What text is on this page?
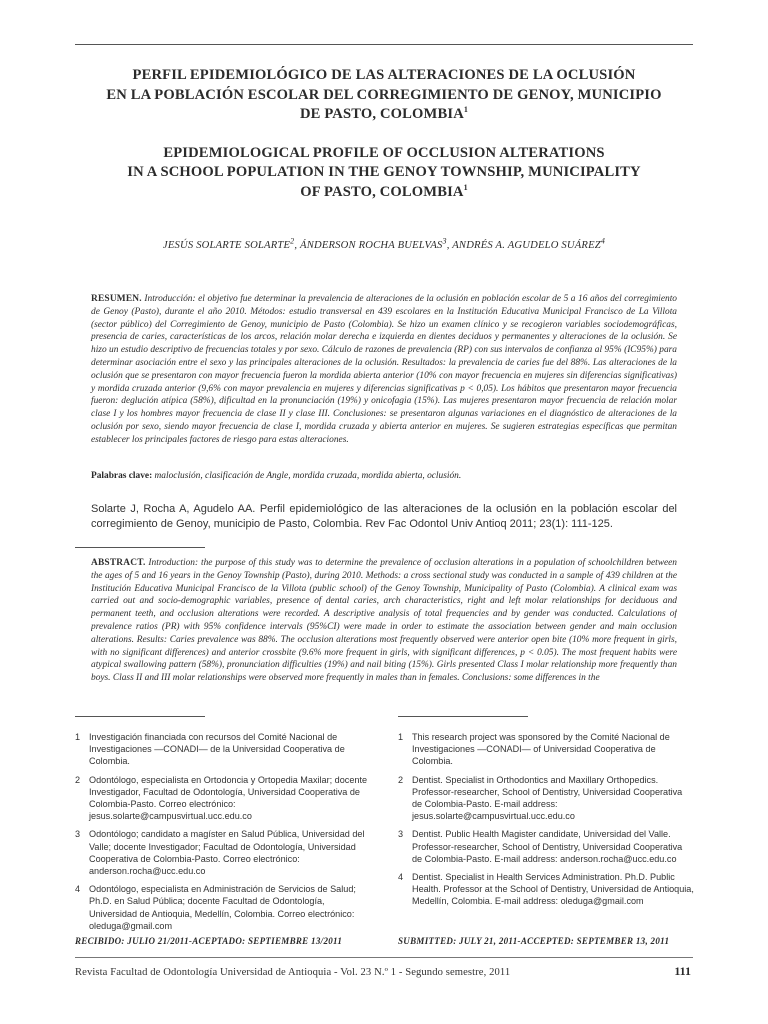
PERFIL EPIDEMIOLÓGICO DE LAS ALTERACIONES DE LA OCLUSIÓN
EN LA POBLACIÓN ESCOLAR DEL CORREGIMIENTO DE GENOY, MUNICIPIO
DE PASTO, COLOMBIA$^1$
EPIDEMIOLOGICAL PROFILE OF OCCLUSION ALTERATIONS
IN A SCHOOL POPULATION IN THE GENOY TOWNSHIP, MUNICIPALITY
OF PASTO, COLOMBIA$^1$
JESÚS SOLARTE SOLARTE$^2$, ÁNDERSON ROCHA BUELVAS$^3$, ANDRÉS A. AGUDELO SUÁREZ$^4$
RESUMEN. Introducción: el objetivo fue determinar la prevalencia de alteraciones de la oclusión en población escolar de 5 a 16 años del corregimiento de Genoy (Pasto), durante el año 2010. Métodos: estudio transversal en 439 escolares en la Institución Educativa Municipal Francisco de La Villota (sector público) del Corregimiento de Genoy, municipio de Pasto (Colombia). Se hizo un examen clínico y se recogieron variables sociodemográficas, presencia de caries, características de los arcos, relación molar derecha e izquierda en dientes deciduos y permanentes y alteraciones de la oclusión. Se hizo un estudio descriptivo de frecuencias totales y por sexo. Cálculo de razones de prevalencia (RP) con sus intervalos de confianza al 95% (IC95%) para determinar asociación entre el sexo y las principales alteraciones de la oclusión. Resultados: la prevalencia de caries fue del 88%. Las alteraciones de la oclusión que se presentaron con mayor frecuencia fueron la mordida abierta anterior (10% con mayor frecuencia en mujeres sin diferencias significativas) y mordida cruzada anterior (9,6% con mayor prevalencia en mujeres y diferencias significativas p < 0,05). Los hábitos que presentaron mayor frecuencia fueron: deglución atípica (58%), dificultad en la pronunciación (19%) y onicofagia (15%). Las mujeres presentaron mayor frecuencia de relación molar clase I y los hombres mayor frecuencia de clase II y clase III. Conclusiones: se presentaron algunas variaciones en el diagnóstico de alteraciones de la oclusión por sexo, siendo mayor frecuencia de clase I, mordida cruzada y abierta anterior en mujeres. Se sugieren estrategias específicas que permitan establecer los principales factores de riesgo para estas alteraciones.
Palabras clave: maloclusión, clasificación de Angle, mordida cruzada, mordida abierta, oclusión.
Solarte J, Rocha A, Agudelo AA. Perfil epidemiológico de las alteraciones de la oclusión en la población escolar del corregimiento de Genoy, municipio de Pasto, Colombia. Rev Fac Odontol Univ Antioq 2011; 23(1): 111-125.
ABSTRACT. Introduction: the purpose of this study was to determine the prevalence of occlusion alterations in a population of schoolchildren between the ages of 5 and 16 years in the Genoy Township (Pasto), during 2010. Methods: a cross sectional study was conducted in a sample of 439 children at the Institución Educativa Municipal Francisco de la Villota (public school) of the Genoy Township, Municipality of Pasto (Colombia). A clinical exam was carried out and socio-demographic variables, presence of dental caries, arch characteristics, right and left molar relationships for deciduous and permanent teeth, and occlusion alterations were recorded. A descriptive analysis of total frequencies and by gender was conducted. Calculations of prevalence ratios (PR) with 95% confidence intervals (95%CI) were made in order to estimate the association between gender and main occlusion alterations. Results: Caries prevalence was 88%. The occlusion alterations most frequently observed were anterior open bite (10% more frequent in girls, with no significant differences) and anterior crossbite (9.6% more frequent in girls, with significant differences, p < 0.05). The most frequent habits were atypical swallowing pattern (58%), pronunciation difficulties (19%) and nail biting (15%). Girls presented Class I molar relationship more frequently than boys. Class II and III molar relationships were observed more frequently in males than in females. Conclusions: some differences in the
1 Investigación financiada con recursos del Comité Nacional de Investigaciones —CONADI— de la Universidad Cooperativa de Colombia.
2 Odontólogo, especialista en Ortodoncia y Ortopedia Maxilar; docente Investigador, Facultad de Odontología, Universidad Cooperativa de Colombia-Pasto. Correo electrónico: jesus.solarte@campusvirtual.ucc.edu.co
3 Odontólogo; candidato a magíster en Salud Pública, Universidad del Valle; docente Investigador; Facultad de Odontología, Universidad Cooperativa de Colombia-Pasto. Correo electrónico: anderson.rocha@ucc.edu.co
4 Odontólogo, especialista en Administración de Servicios de Salud; Ph.D. en Salud Pública; docente Facultad de Odontología, Universidad de Antioquia, Medellín, Colombia. Correo electrónico: oleduga@gmail.com
1 This research project was sponsored by the Comité Nacional de Investigaciones —CONADI— of Universidad Cooperativa de Colombia.
2 Dentist. Specialist in Orthodontics and Maxillary Orthopedics. Professor-researcher, School of Dentistry, Universidad Cooperativa de Colombia-Pasto. E-mail address: jesus.solarte@campusvirtual.ucc.edu.co
3 Dentist. Public Health Magister candidate, Universidad del Valle. Professor-researcher, School of Dentistry, Universidad Cooperativa de Colombia-Pasto. E-mail address: anderson.rocha@ucc.edu.co
4 Dentist. Specialist in Health Services Administration. Ph.D. Public Health. Professor at the School of Dentistry, Universidad de Antioquia, Medellín, Colombia. E-mail address: oleduga@gmail.com
RECIBIDO: JULIO 21/2011-ACEPTADO: SEPTIEMBRE 13/2011	SUBMITTED: JULY 21, 2011-ACCEPTED: SEPTEMBER 13, 2011
Revista Facultad de Odontología Universidad de Antioquia - Vol. 23 N.º 1 - Segundo semestre, 2011	111
